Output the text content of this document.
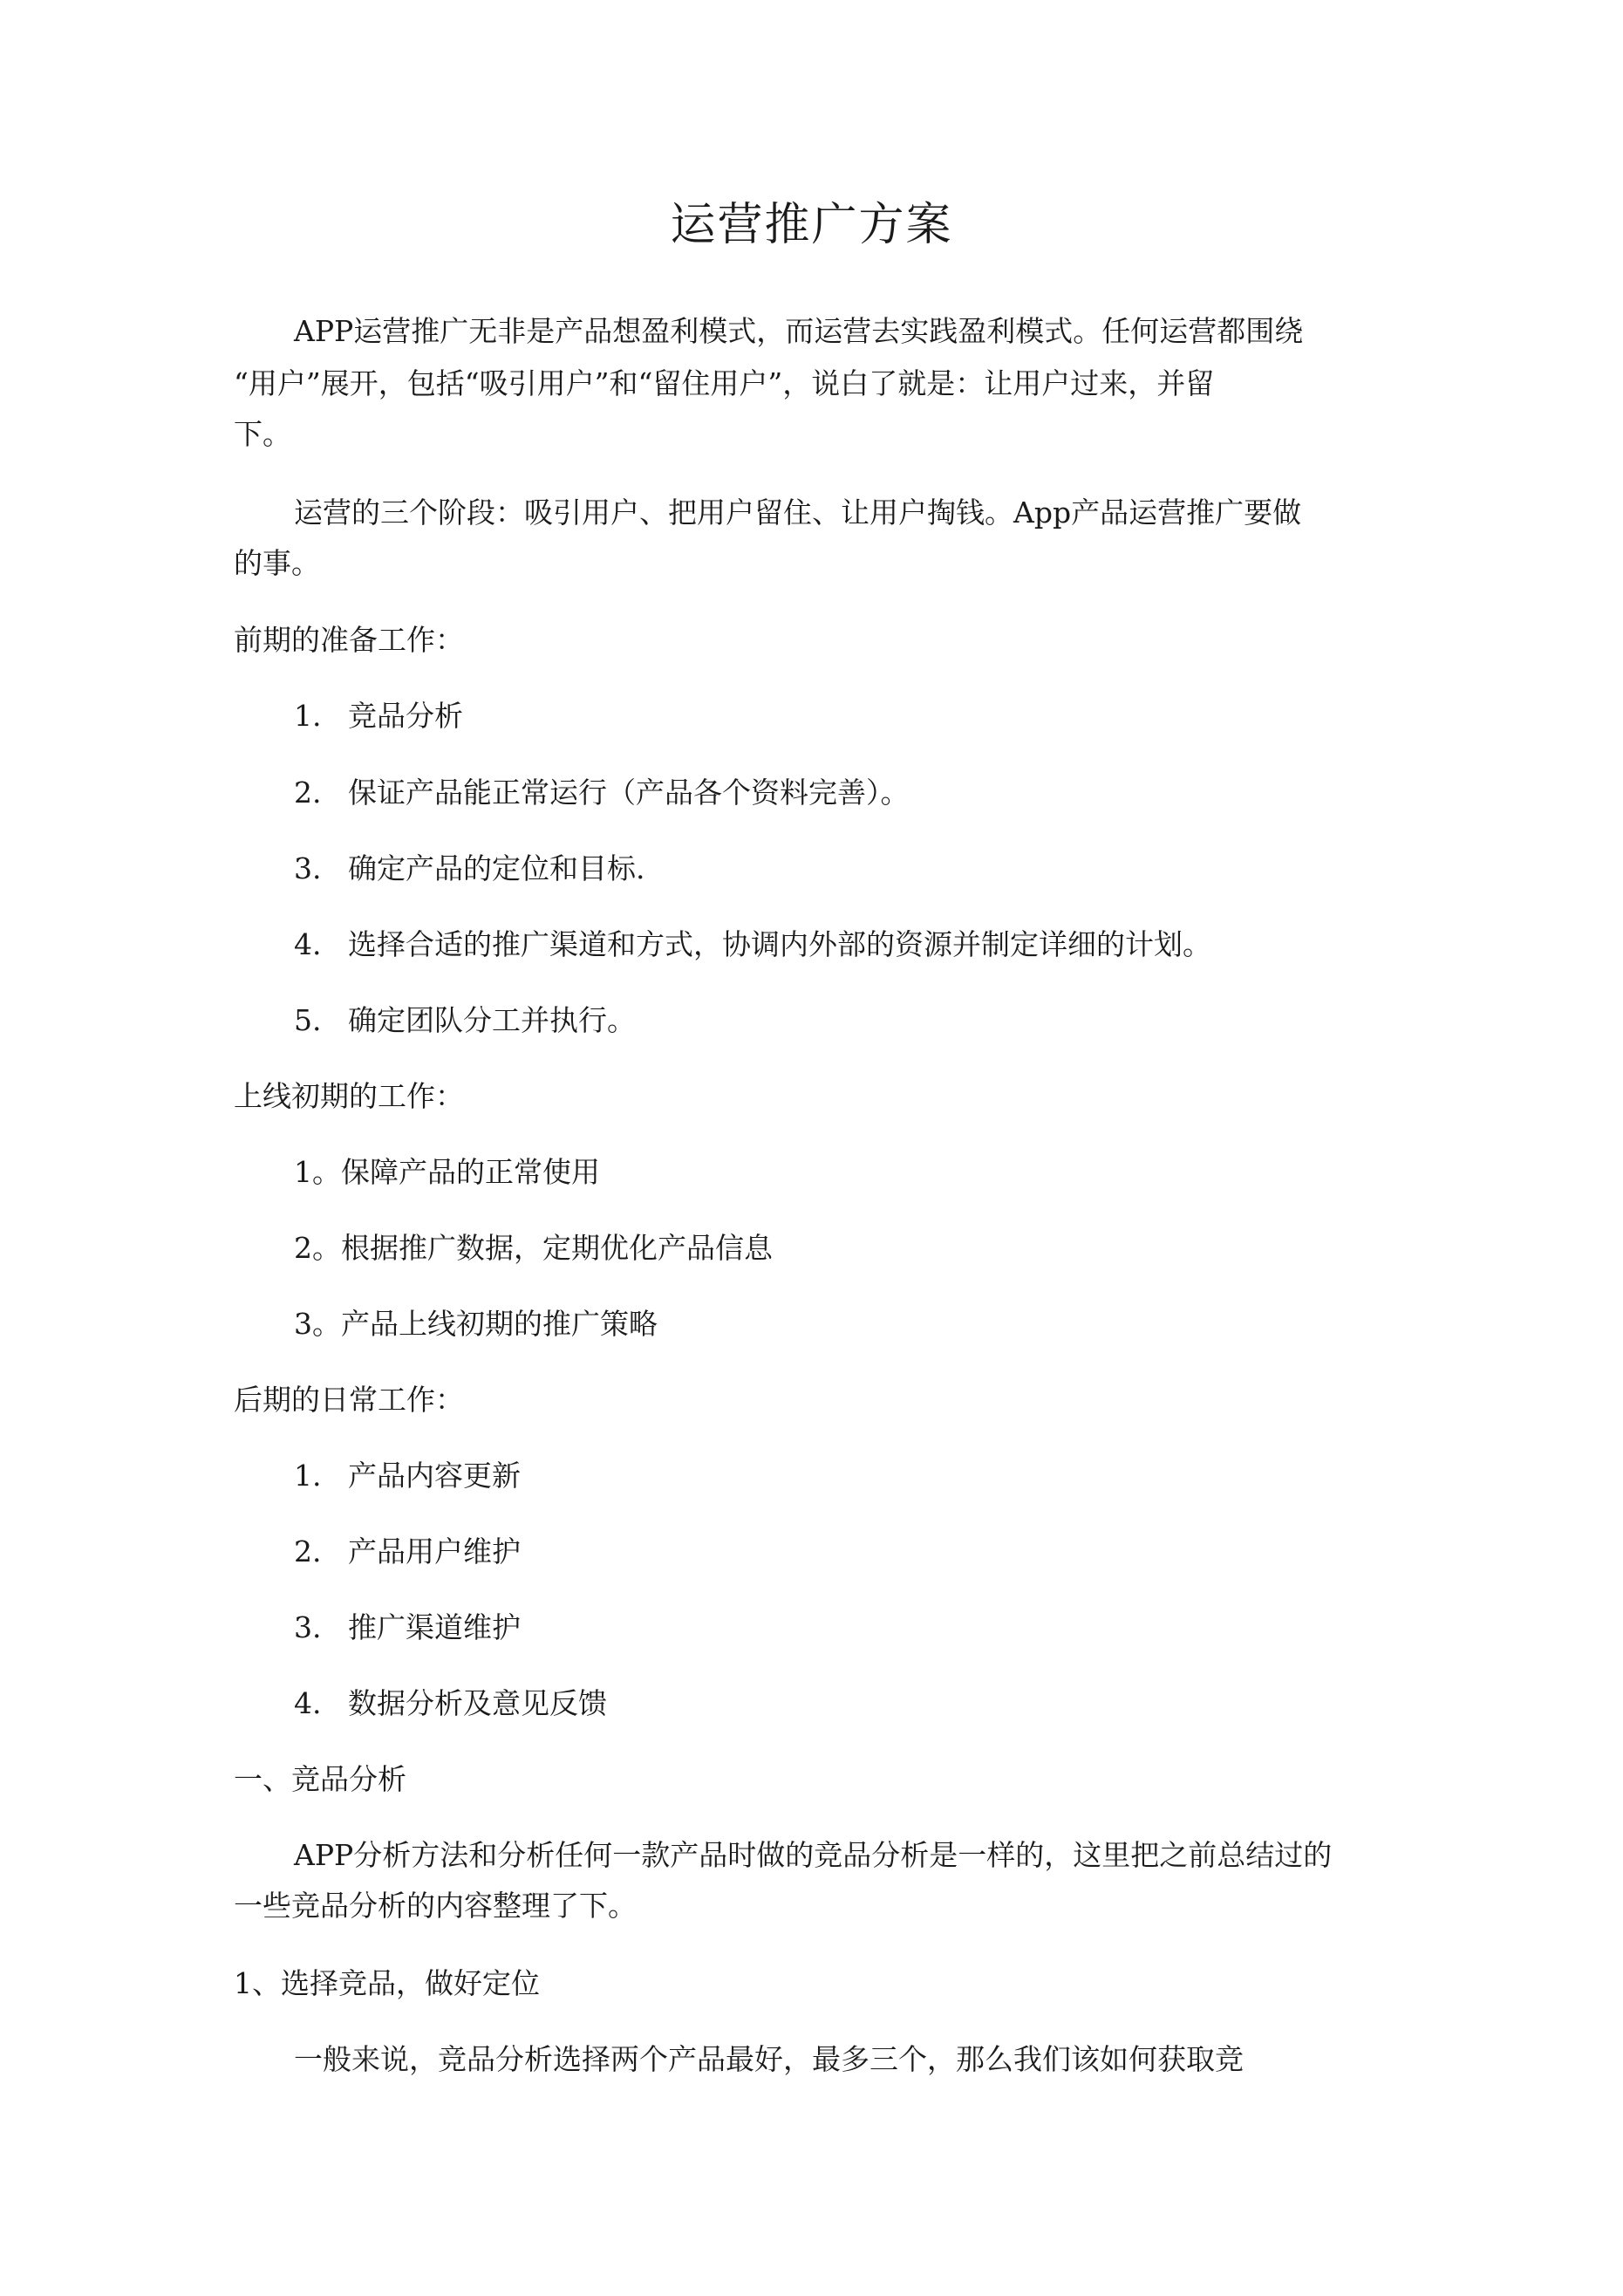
运营推广方案
APP运营推广无非是产品想盈利模式，而运营去实践盈利模式。任何运营都围绕
“用户”展开，包括“吸引用户”和“留住用户”，说白了就是：让用户过来，并留
下。
运营的三个阶段：吸引用户、把用户留住、让用户掏钱。App产品运营推广要做
的事。
前期的准备工作：
1. 竞品分析
2. 保证产品能正常运行（产品各个资料完善）。
3. 确定产品的定位和目标.
4. 选择合适的推广渠道和方式，协调内外部的资源并制定详细的计划。
5. 确定团队分工并执行。
上线初期的工作：
1。保障产品的正常使用
2。根据推广数据，定期优化产品信息
3。产品上线初期的推广策略
后期的日常工作：
1. 产品内容更新
2. 产品用户维护
3. 推广渠道维护
4. 数据分析及意见反馈
一、竞品分析
APP分析方法和分析任何一款产品时做的竞品分析是一样的，这里把之前总结过的
一些竞品分析的内容整理了下。
1、选择竞品，做好定位
一般来说，竞品分析选择两个产品最好，最多三个，那么我们该如何获取竞
